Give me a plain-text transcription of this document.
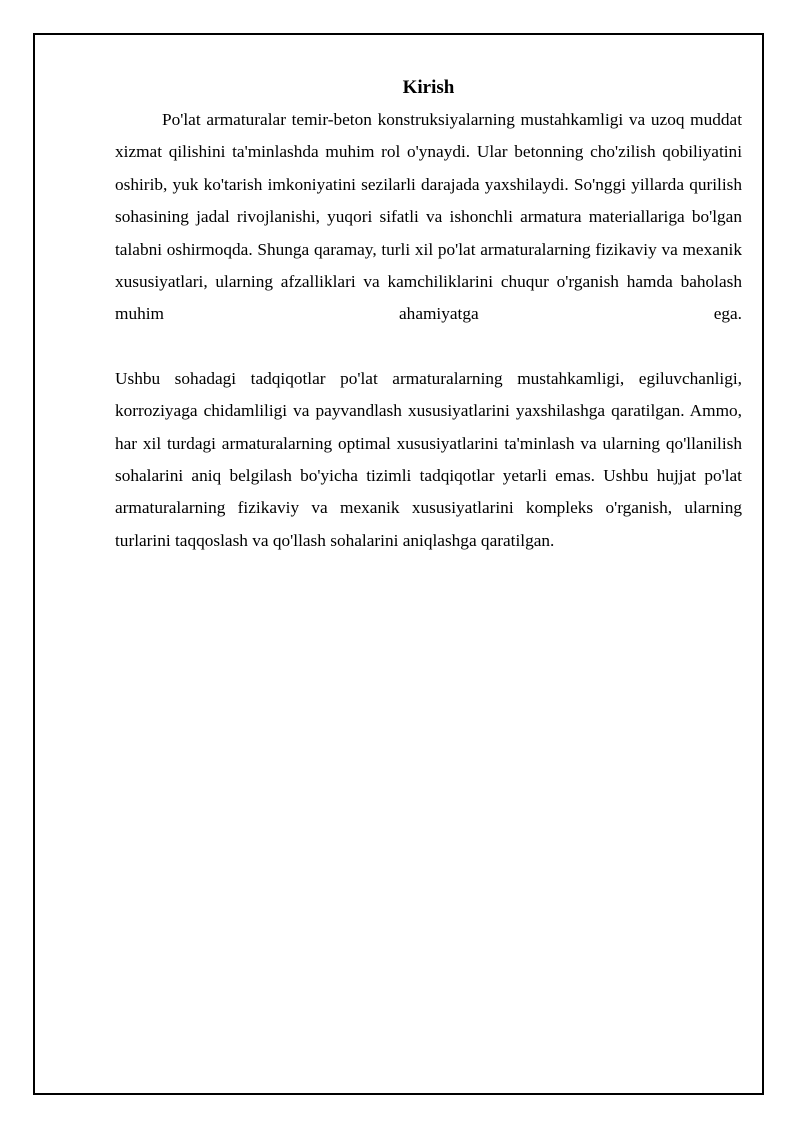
Kirish

Po'lat armaturalar temir-beton konstruksiyalarning mustahkamligi va uzoq muddat xizmat qilishini ta'minlashda muhim rol o'ynaydi. Ular betonning cho'zilish qobiliyatini oshirib, yuk ko'tarish imkoniyatini sezilarli darajada yaxshilaydi. So'nggi yillarda qurilish sohasining jadal rivojlanishi, yuqori sifatli va ishonchli armatura materiallariga bo'lgan talabni oshirmoqda. Shunga qaramay, turli xil po'lat armaturalarning fizikaviy va mexanik xususiyatlari, ularning afzalliklari va kamchiliklarini chuqur o'rganish hamda baholash muhim ahamiyatga ega.

Ushbu sohadagi tadqiqotlar po'lat armaturalarning mustahkamligi, egiluvchanligi, korroziyaga chidamliligi va payvandlash xususiyatlarini yaxshilashga qaratilgan. Ammo, har xil turdagi armaturalarning optimal xususiyatlarini ta'minlash va ularning qo'llanilish sohalarini aniq belgilash bo'yicha tizimli tadqiqotlar yetarli emas. Ushbu hujjat po'lat armaturalarning fizikaviy va mexanik xususiyatlarini kompleks o'rganish, ularning turlarini taqqoslash va qo'llash sohalarini aniqlashga qaratilgan.
